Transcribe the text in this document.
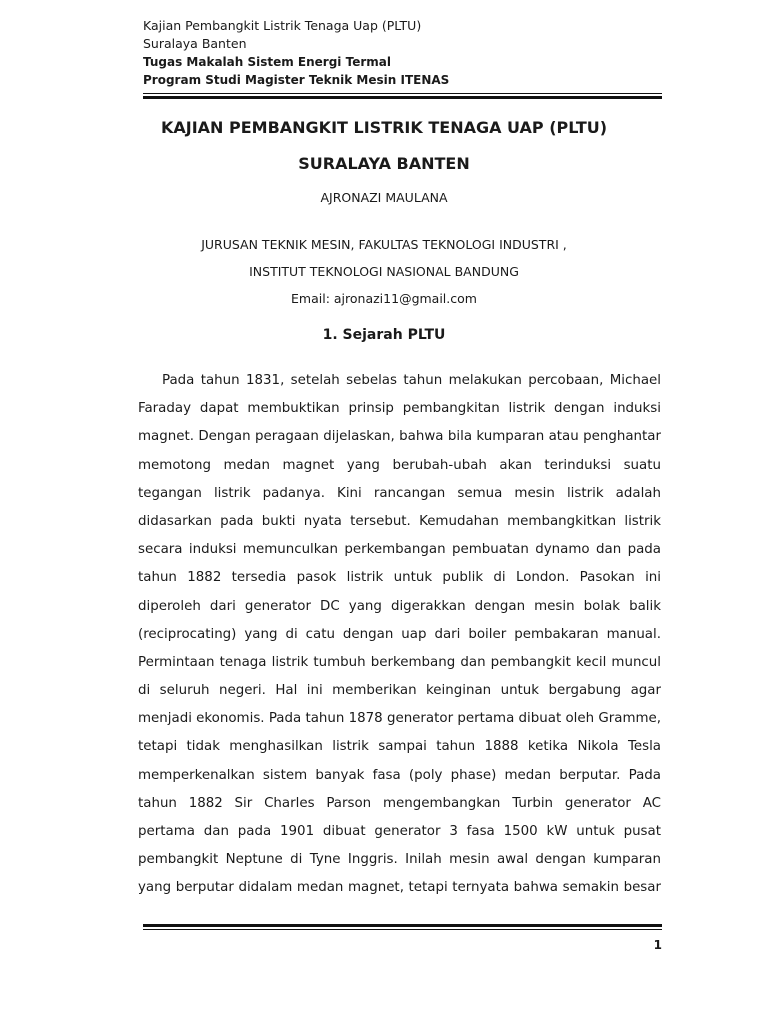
Kajian Pembangkit Listrik Tenaga Uap (PLTU)
Suralaya Banten
Tugas Makalah Sistem Energi Termal
Program Studi Magister Teknik Mesin ITENAS
KAJIAN PEMBANGKIT LISTRIK TENAGA UAP (PLTU)
SURALAYA BANTEN
AJRONAZI MAULANA
JURUSAN TEKNIK MESIN, FAKULTAS TEKNOLOGI INDUSTRI ,
INSTITUT TEKNOLOGI NASIONAL BANDUNG
Email: ajronazi11@gmail.com
1. Sejarah PLTU
Pada tahun 1831, setelah sebelas tahun melakukan percobaan, Michael
Faraday dapat membuktikan prinsip pembangkitan listrik dengan induksi
magnet. Dengan peragaan dijelaskan, bahwa bila kumparan atau penghantar
memotong medan magnet yang berubah-ubah akan terinduksi suatu
tegangan listrik padanya. Kini rancangan semua mesin listrik adalah
didasarkan pada bukti nyata tersebut. Kemudahan membangkitkan listrik
secara induksi memunculkan perkembangan pembuatan dynamo dan pada
tahun 1882 tersedia pasok listrik untuk publik di London. Pasokan ini
diperoleh dari generator DC yang digerakkan dengan mesin bolak balik
(reciprocating) yang di catu dengan uap dari boiler pembakaran manual.
Permintaan tenaga listrik tumbuh berkembang dan pembangkit kecil muncul
di seluruh negeri. Hal ini memberikan keinginan untuk bergabung agar
menjadi ekonomis. Pada tahun 1878 generator pertama dibuat oleh Gramme,
tetapi tidak menghasilkan listrik sampai tahun 1888 ketika Nikola Tesla
memperkenalkan sistem banyak fasa (poly phase) medan berputar. Pada
tahun 1882 Sir Charles Parson mengembangkan Turbin generator AC
pertama dan pada 1901 dibuat generator 3 fasa 1500 kW untuk pusat
pembangkit Neptune di Tyne Inggris. Inilah mesin awal dengan kumparan
yang berputar didalam medan magnet, tetapi ternyata bahwa semakin besar
1
